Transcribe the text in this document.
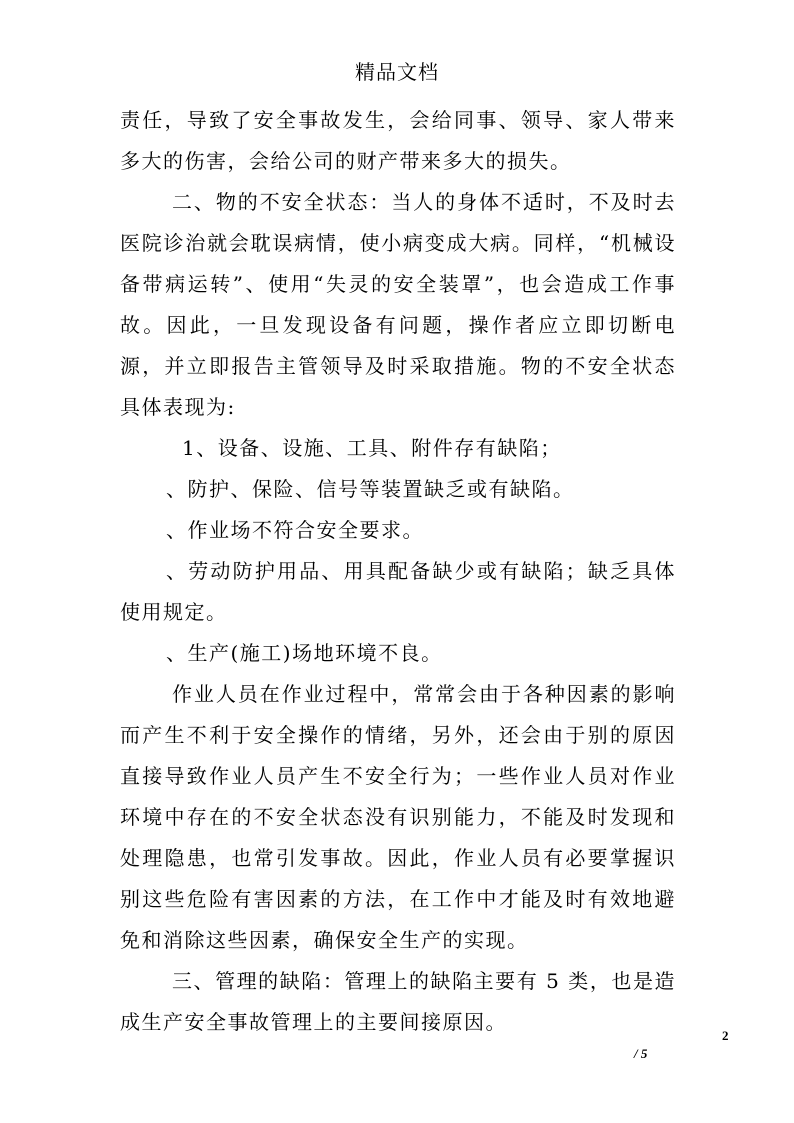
精品文档

责任，导致了安全事故发生，会给同事、领导、家人带来多大的伤害，会给公司的财产带来多大的损失。

二、物的不安全状态：当人的身体不适时，不及时去医院诊治就会耽误病情，使小病变成大病。同样，“机械设备带病运转”、使用“失灵的安全装罩”，也会造成工作事故。因此，一旦发现设备有问题，操作者应立即切断电源，并立即报告主管领导及时采取措施。物的不安全状态具体表现为:

1、设备、设施、工具、附件存有缺陷；

、防护、保险、信号等装置缺乏或有缺陷。

、作业场不符合安全要求。

、劳动防护用品、用具配备缺少或有缺陷；缺乏具体使用规定。

、生产(施工)场地环境不良。

作业人员在作业过程中，常常会由于各种因素的影响而产生不利于安全操作的情绪，另外，还会由于别的原因直接导致作业人员产生不安全行为；一些作业人员对作业环境中存在的不安全状态没有识别能力，不能及时发现和处理隐患，也常引发事故。因此，作业人员有必要掌握识别这些危险有害因素的方法，在工作中才能及时有效地避免和消除这些因素，确保安全生产的实现。

三、管理的缺陷：管理上的缺陷主要有 5 类，也是造成生产安全事故管理上的主要间接原因。

2
/ 5
